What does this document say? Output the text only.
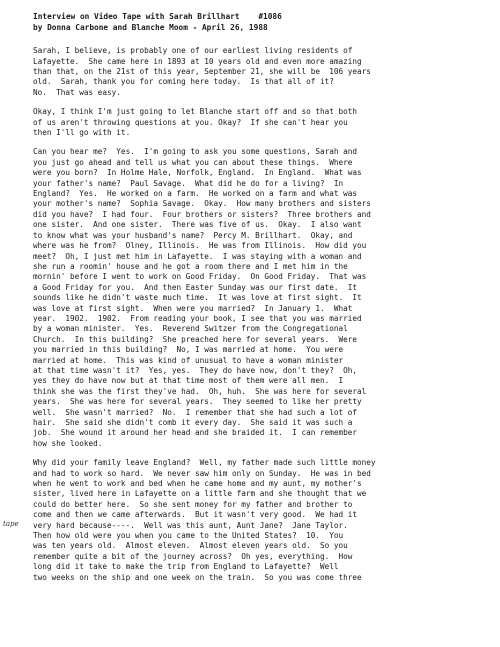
Interview on Video Tape with Sarah Brillhart    #1086
by Donna Carbone and Blanche Moom - April 26, 1988
Sarah, I believe, is probably one of our earliest living residents of
Lafayette.  She came here in 1893 at 10 years old and even more amazing
than that, on the 21st of this year, September 21, she will be  106 years
old.  Sarah, thank you for coming here today.  Is that all of it?
No.  That was easy.
Okay, I think I'm just going to let Blanche start off and so that both
of us aren't throwing questions at you. Okay?  If she can't hear you
then I'll go with it.
Can you hear me?  Yes.  I'm going to ask you some questions, Sarah and
you just go ahead and tell us what you can about these things.  Where
were you born?  In Holme Hale, Norfolk, England.  In England.  What was
your father's name?  Paul Savage.  What did he do for a living?  In
England?  Yes.  He worked on a farm.  He worked on a farm and what was
your mother's name?  Sophia Savage.  Okay.  How many brothers and sisters
did you have?  I had four.  Four brothers or sisters?  Three brothers and
one sister.  And one sister.  There was five of us.  Okay.  I also want
to know what was your husband's name?  Percy M. Brillhart.  Okay, and
where was he from?  Olney, Illinois.  He was from Illinois.  How did you
meet?  Oh, I just met him in Lafayette.  I was staying with a woman and
she run a roomin' house and he got a room there and I met him in the
mornin' before I went to work on Good Friday.  On Good Friday.  That was
a Good Friday for you.  And then Easter Sunday was our first date.  It
sounds like he didn't waste much time.  It was love at first sight.  It
was love at first sight.  When were you married?  In January 1.  What
year.  1902.  1902.  From reading your book, I see that you was married
by a woman minister.  Yes.  Reverend Switzer from the Congregational
Church.  In this building?  She preached here for several years.  Were
you married in this building?  No, I was married at home.  You were
married at home.  This was kind of unusual to have a woman minister
at that time wasn't it?  Yes, yes.  They do have now, don't they?  Oh,
yes they do have now but at that time most of them were all men.  I
think she was the first they've had.  Oh, huh.  She was here for several
years.  She was here for several years.  They seemed to like her pretty
well.  She wasn't married?  No.  I remember that she had such a lot of
hair.  She said she didn't comb it every day.  She said it was such a
job.  She wound it around her head and she braided it.  I can remember
how she looked.
Why did your family leave England?  Well, my father made such little money
and had to work so hard.  We never saw him only on Sunday.  He was in bed
when he went to work and bed when he came home and my aunt, my mother's
sister, lived here in Lafayette on a little farm and she thought that we
could do better here.  So she sent money for my father and brother to
come and then we came afterwards.  But it wasn't very good.  We had it
very hard because----.  Well was this aunt, Aunt Jane?  Jane Taylor.
Then how old were you when you came to the United States?  10.  You
was ten years old.  Almost eleven.  Almost eleven years old.  So you
remember quite a bit of the journey across?  Oh yes, everything.  How
long did it take to make the trip from England to Lafayette?  Well
two weeks on the ship and one week on the train.  So you was come three
tape
